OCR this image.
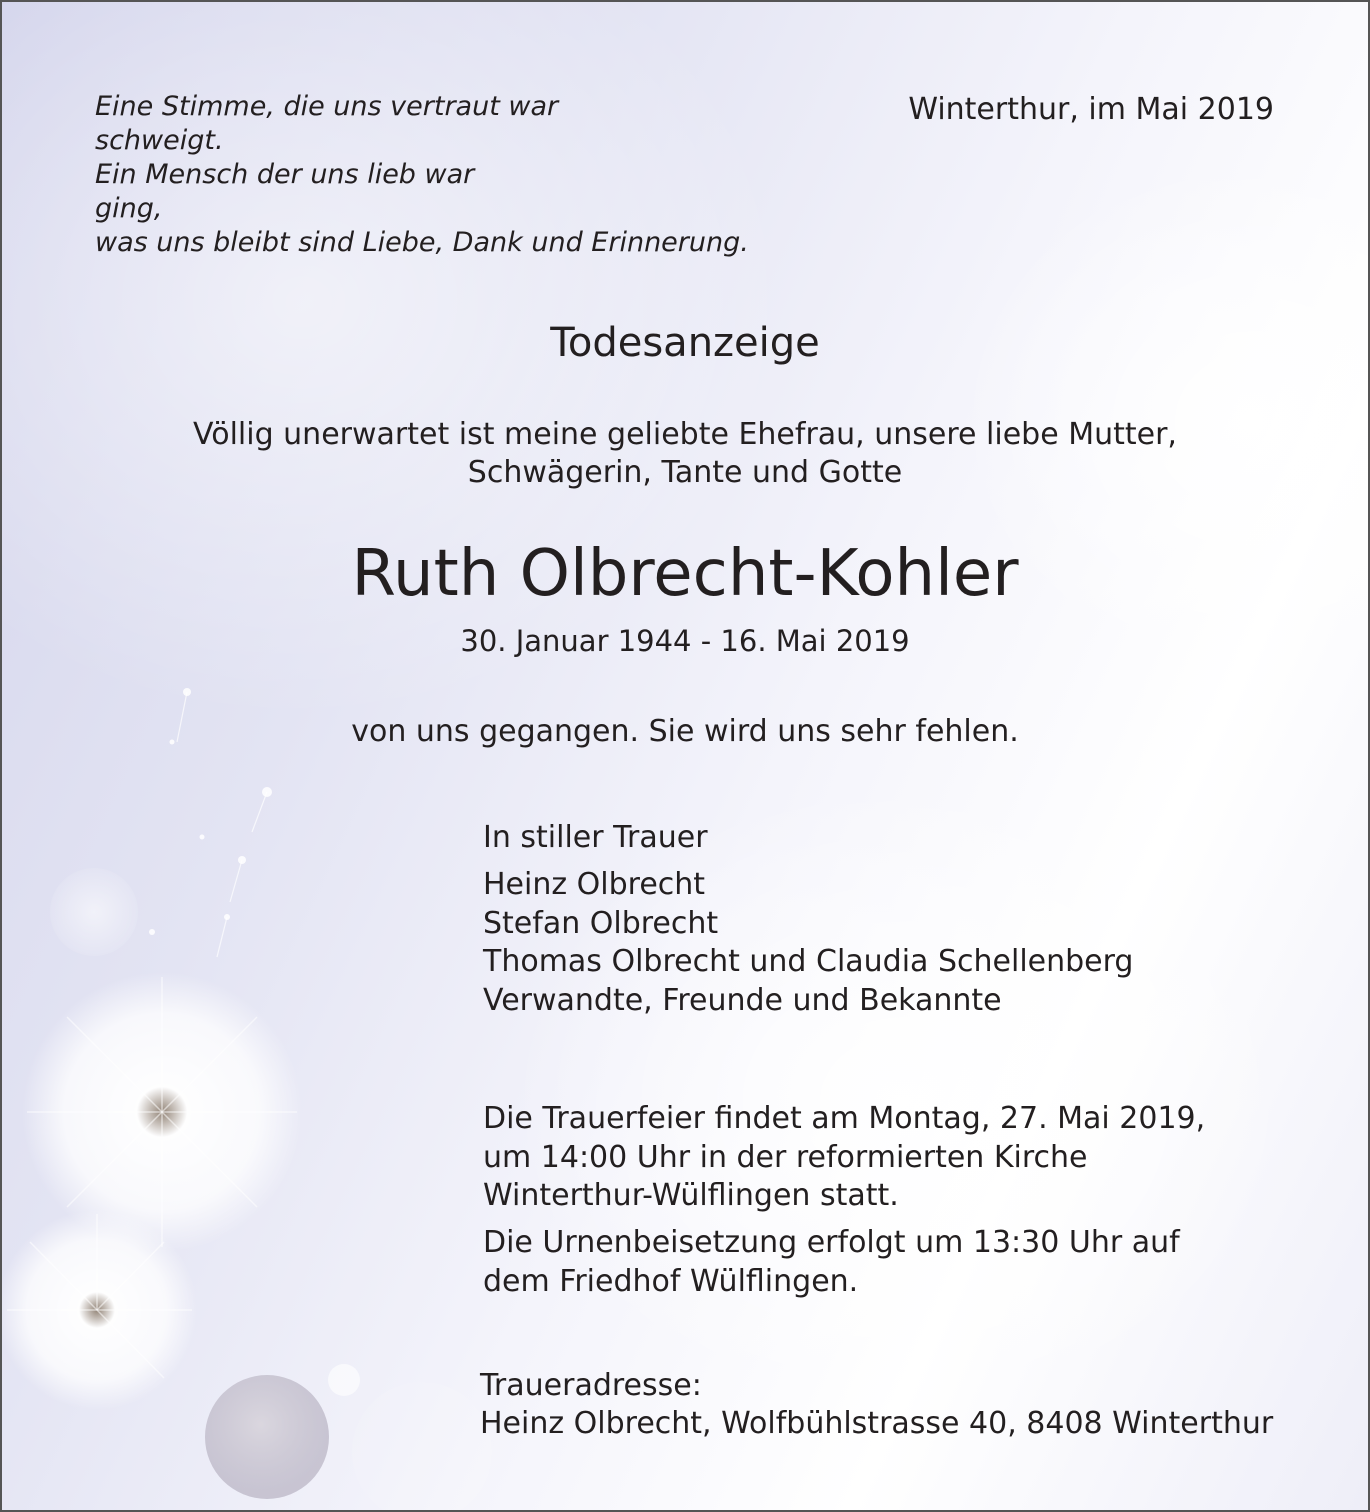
Eine Stimme, die uns vertraut war
schweigt.
Ein Mensch der uns lieb war
ging,
was uns bleibt sind Liebe, Dank und Erinnerung.
Winterthur, im Mai 2019
Todesanzeige
Völlig unerwartet ist meine geliebte Ehefrau, unsere liebe Mutter,
Schwägerin, Tante und Gotte
Ruth Olbrecht-Kohler
30. Januar 1944 - 16. Mai 2019
von uns gegangen. Sie wird uns sehr fehlen.
In stiller Trauer
Heinz Olbrecht
Stefan Olbrecht
Thomas Olbrecht und Claudia Schellenberg
Verwandte, Freunde und Bekannte
Die Trauerfeier findet am Montag, 27. Mai 2019,
um 14:00 Uhr in der reformierten Kirche
Winterthur-Wülflingen statt.
Die Urnenbeisetzung erfolgt um 13:30 Uhr auf
dem Friedhof Wülflingen.
Traueradresse:
Heinz Olbrecht, Wolfbühlstrasse 40, 8408 Winterthur
